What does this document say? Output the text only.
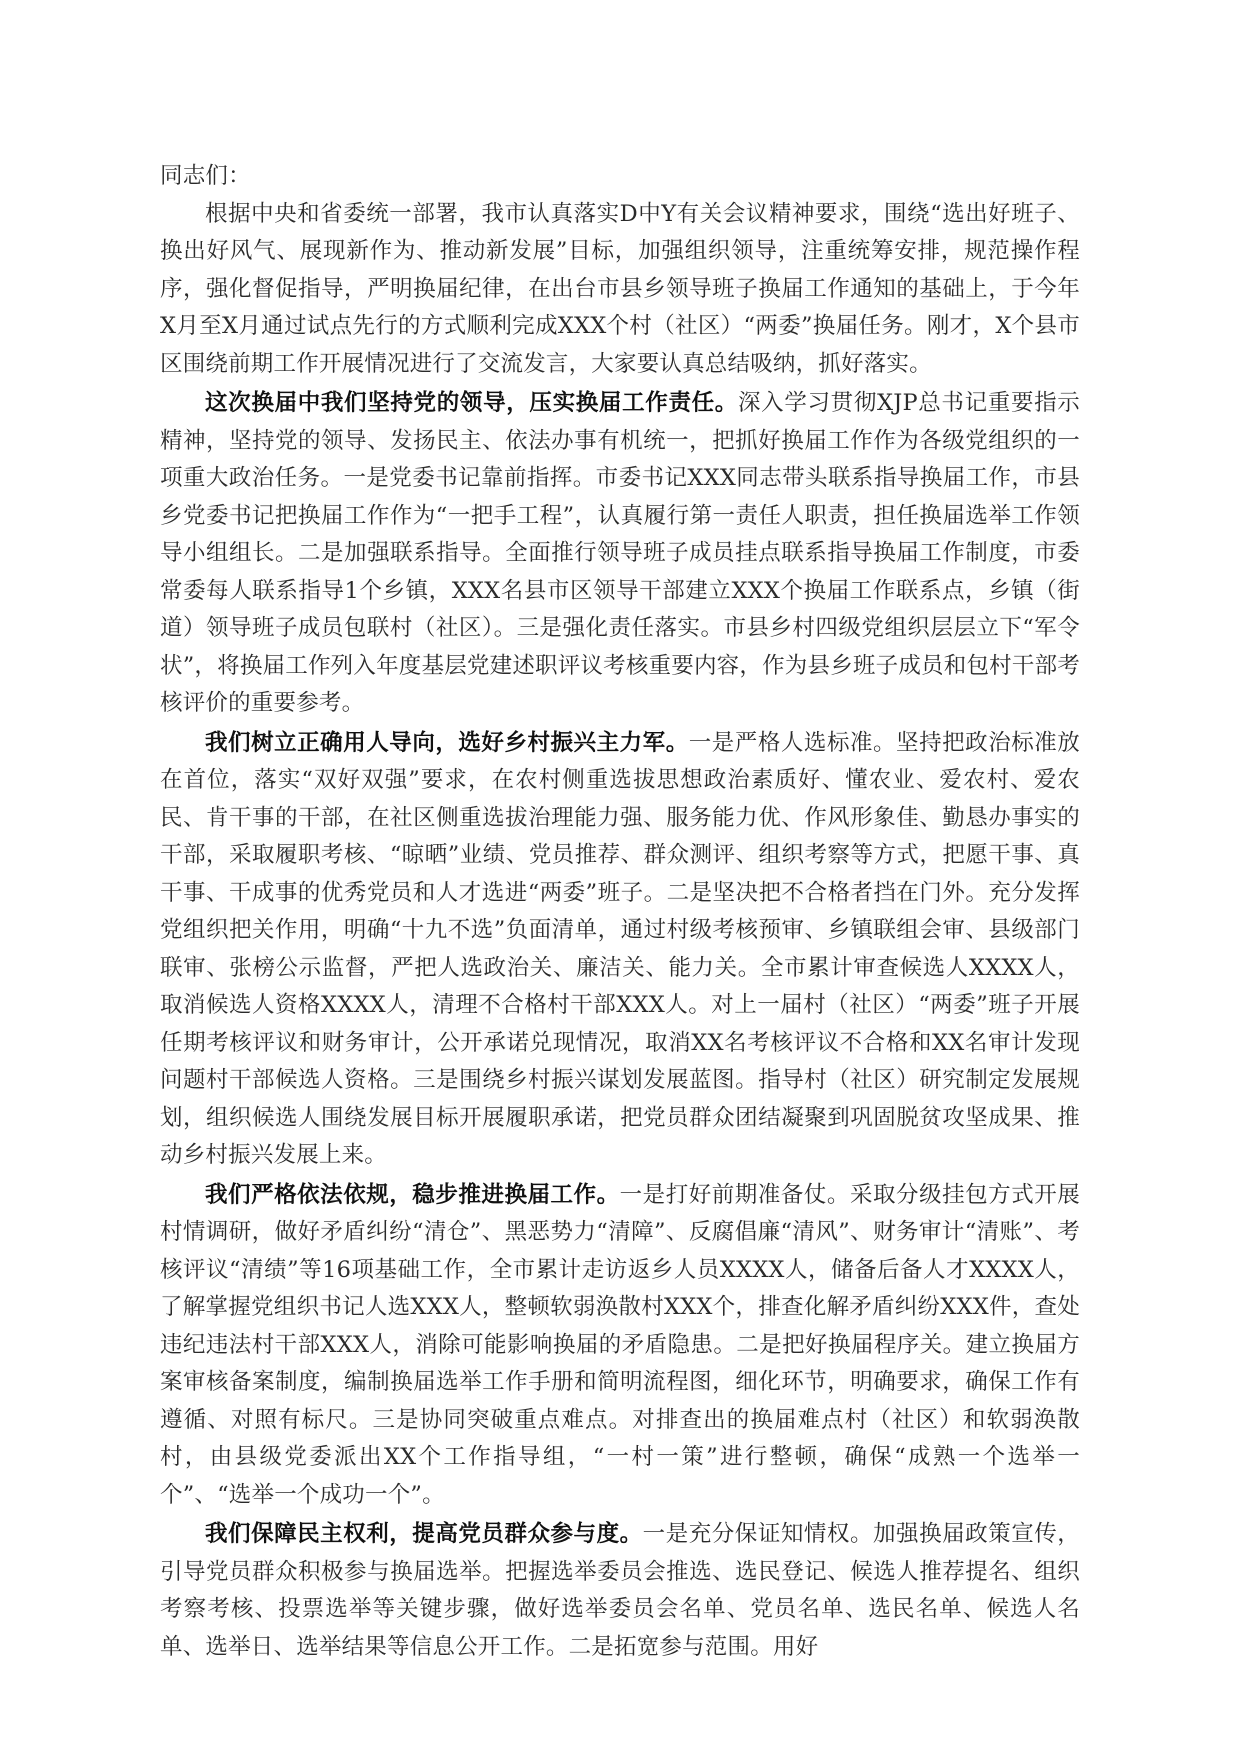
同志们：

根据中央和省委统一部署，我市认真落实D中Y有关会议精神要求，围绕“选出好班子、换出好风气、展现新作为、推动新发展”目标，加强组织领导，注重统筹安排，规范操作程序，强化督促指导，严明换届纪律，在出台市县乡领导班子换届工作通知的基础上，于今年X月至X月通过试点先行的方式顺利完成XXX个村（社区）“两委”换届任务。刚才，X个县市区围绕前期工作开展情况进行了交流发言，大家要认真总结吸纳，抓好落实。

这次换届中我们坚持党的领导，压实换届工作责任。深入学习贯彻XJP总书记重要指示精神，坚持党的领导、发扬民主、依法办事有机统一，把抓好换届工作作为各级党组织的一项重大政治任务。一是党委书记靠前指挥。市委书记XXX同志带头联系指导换届工作，市县乡党委书记把换届工作作为“一把手工程”，认真履行第一责任人职责，担任换届选举工作领导小组组长。二是加强联系指导。全面推行领导班子成员挂点联系指导换届工作制度，市委常委每人联系指导1个乡镇，XXX名县市区领导干部建立XXX个换届工作联系点，乡镇（街道）领导班子成员包联村（社区）。三是强化责任落实。市县乡村四级党组织层层立下“军令状”，将换届工作列入年度基层党建述职评议考核重要内容，作为县乡班子成员和包村干部考核评价的重要参考。

我们树立正确用人导向，选好乡村振兴主力军。一是严格人选标准。坚持把政治标准放在首位，落实“双好双强”要求，在农村侧重选拔思想政治素质好、懂农业、爱农村、爱农民、肯干事的干部，在社区侧重选拔治理能力强、服务能力优、作风形象佳、勤恳办事实的干部，采取履职考核、“晾晒”业绩、党员推荐、群众测评、组织考察等方式，把愿干事、真干事、干成事的优秀党员和人才选进“两委”班子。二是坚决把不合格者挡在门外。充分发挥党组织把关作用，明确“十九不选”负面清单，通过村级考核预审、乡镇联组会审、县级部门联审、张榜公示监督，严把人选政治关、廉洁关、能力关。全市累计审查候选人XXXX人，取消候选人资格XXXX人，清理不合格村干部XXX人。对上一届村（社区）“两委”班子开展任期考核评议和财务审计，公开承诺兑现情况，取消XX名考核评议不合格和XX名审计发现问题村干部候选人资格。三是围绕乡村振兴谋划发展蓝图。指导村（社区）研究制定发展规划，组织候选人围绕发展目标开展履职承诺，把党员群众团结凝聚到巩固脱贫攻坚成果、推动乡村振兴发展上来。

我们严格依法依规，稳步推进换届工作。一是打好前期准备仗。采取分级挂包方式开展村情调研，做好矛盾纠纷“清仓”、黑恶势力“清障”、反腐倡廉“清风”、财务审计“清账”、考核评议“清绩”等16项基础工作，全市累计走访返乡人员XXXX人，储备后备人才XXXX人，了解掌握党组织书记人选XXX人，整顿软弱涣散村XXX个，排查化解矛盾纠纷XXX件，查处违纪违法村干部XXX人，消除可能影响换届的矛盾隐患。二是把好换届程序关。建立换届方案审核备案制度，编制换届选举工作手册和简明流程图，细化环节，明确要求，确保工作有遵循、对照有标尺。三是协同突破重点难点。对排查出的换届难点村（社区）和软弱涣散村，由县级党委派出XX个工作指导组，“一村一策”进行整顿，确保“成熟一个选举一个”、“选举一个成功一个”。

我们保障民主权利，提高党员群众参与度。一是充分保证知情权。加强换届政策宣传，引导党员群众积极参与换届选举。把握选举委员会推选、选民登记、候选人推荐提名、组织考察考核、投票选举等关键步骤，做好选举委员会名单、党员名单、选民名单、候选人名单、选举日、选举结果等信息公开工作。二是拓宽参与范围。用好
